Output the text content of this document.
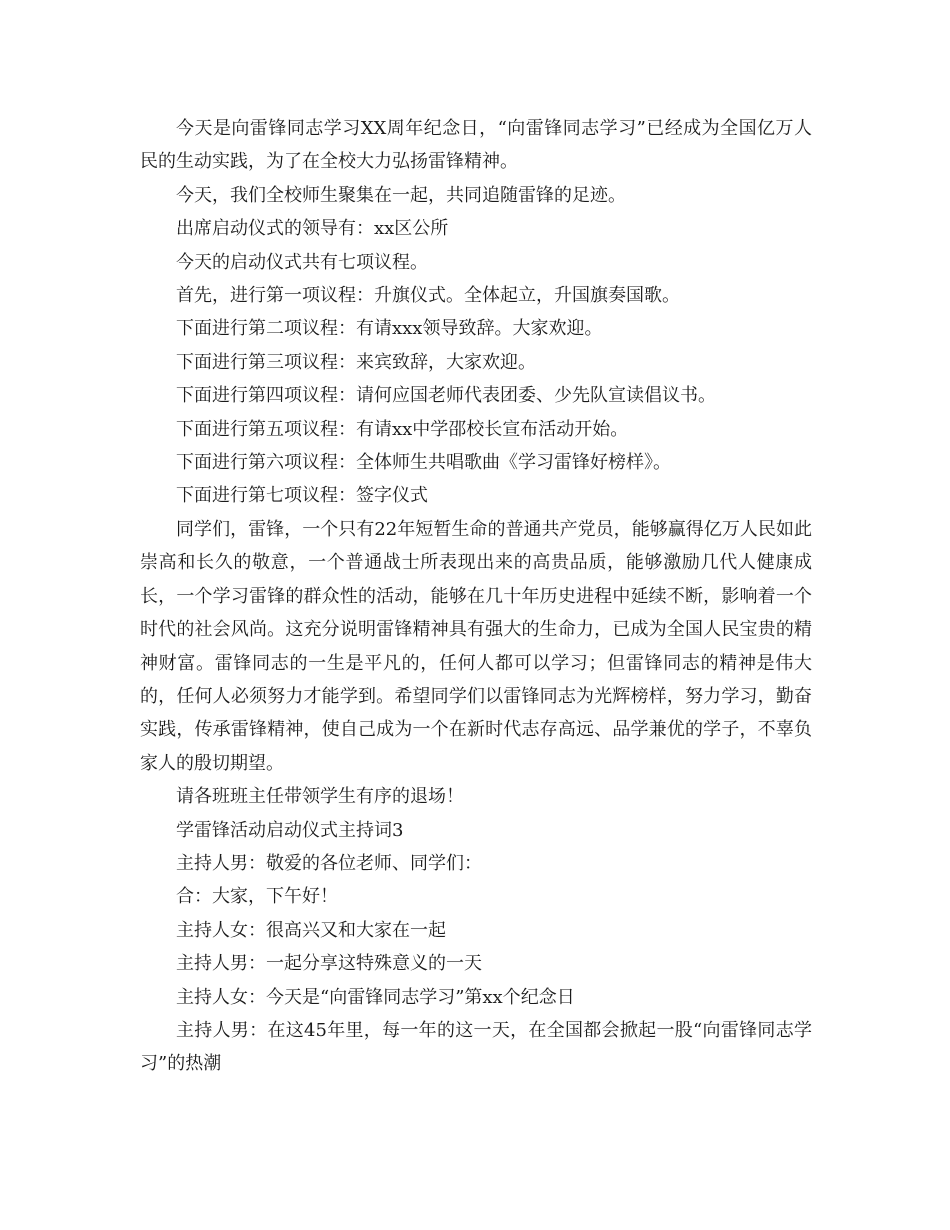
今天是向雷锋同志学习XX周年纪念日，“向雷锋同志学习”已经成为全国亿万人民的生动实践，为了在全校大力弘扬雷锋精神。

今天，我们全校师生聚集在一起，共同追随雷锋的足迹。

出席启动仪式的领导有：xx区公所

今天的启动仪式共有七项议程。

首先，进行第一项议程：升旗仪式。全体起立，升国旗奏国歌。

下面进行第二项议程：有请xxx领导致辞。大家欢迎。

下面进行第三项议程：来宾致辞，大家欢迎。

下面进行第四项议程：请何应国老师代表团委、少先队宣读倡议书。

下面进行第五项议程：有请xx中学邵校长宣布活动开始。

下面进行第六项议程：全体师生共唱歌曲《学习雷锋好榜样》。

下面进行第七项议程：签字仪式

同学们，雷锋，一个只有22年短暂生命的普通共产党员，能够赢得亿万人民如此崇高和长久的敬意，一个普通战士所表现出来的高贵品质，能够激励几代人健康成长，一个学习雷锋的群众性的活动，能够在几十年历史进程中延续不断，影响着一个时代的社会风尚。这充分说明雷锋精神具有强大的生命力，已成为全国人民宝贵的精神财富。雷锋同志的一生是平凡的，任何人都可以学习；但雷锋同志的精神是伟大的，任何人必须努力才能学到。希望同学们以雷锋同志为光辉榜样，努力学习，勤奋实践，传承雷锋精神，使自己成为一个在新时代志存高远、品学兼优的学子，不辜负家人的殷切期望。

请各班班主任带领学生有序的退场！

学雷锋活动启动仪式主持词3

主持人男：敬爱的各位老师、同学们：

合：大家，下午好！

主持人女：很高兴又和大家在一起

主持人男：一起分享这特殊意义的一天

主持人女：今天是“向雷锋同志学习”第xx个纪念日

主持人男：在这45年里，每一年的这一天，在全国都会掀起一股“向雷锋同志学习”的热潮
